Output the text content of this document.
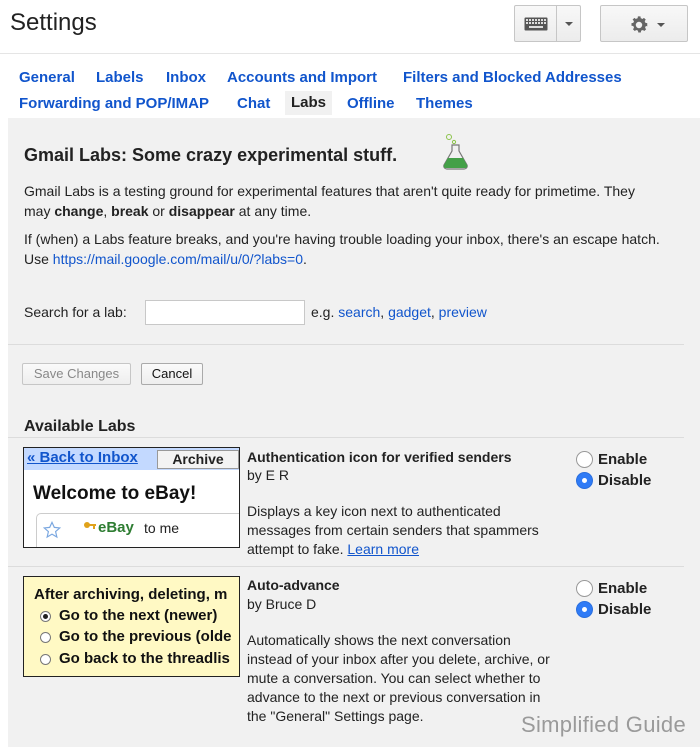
Settings
General Labels Inbox Accounts and Import Filters and Blocked Addresses
Forwarding and POP/IMAP Chat	Labs	Offline Themes
Gmail Labs: Some crazy experimental stuff.

Gmail Labs is a testing ground for experimental features that aren't quite ready for primetime. They may change, break or disappear at any time.

If (when) a Labs feature breaks, and you're having trouble loading your inbox, there's an escape hatch. Use https://mail.google.com/mail/u/0/?labs=0.

Search for a lab:	e.g. search, gadget, preview
Save Changes	Cancel
Available Labs
« Back to Inbox	Archive
Welcome to eBay!
eBay to me
Authentication icon for verified senders
by E R
Displays a key icon next to authenticated messages from certain senders that spammers attempt to fake. Learn more
Enable
Disable
After archiving, deleting, m
Go to the next (newer)
Go to the previous (olde
Go back to the threadlis
Auto-advance
by Bruce D
Automatically shows the next conversation instead of your inbox after you delete, archive, or mute a conversation. You can select whether to advance to the next or previous conversation in the "General" Settings page.
Enable
Disable
Simplified Guide
